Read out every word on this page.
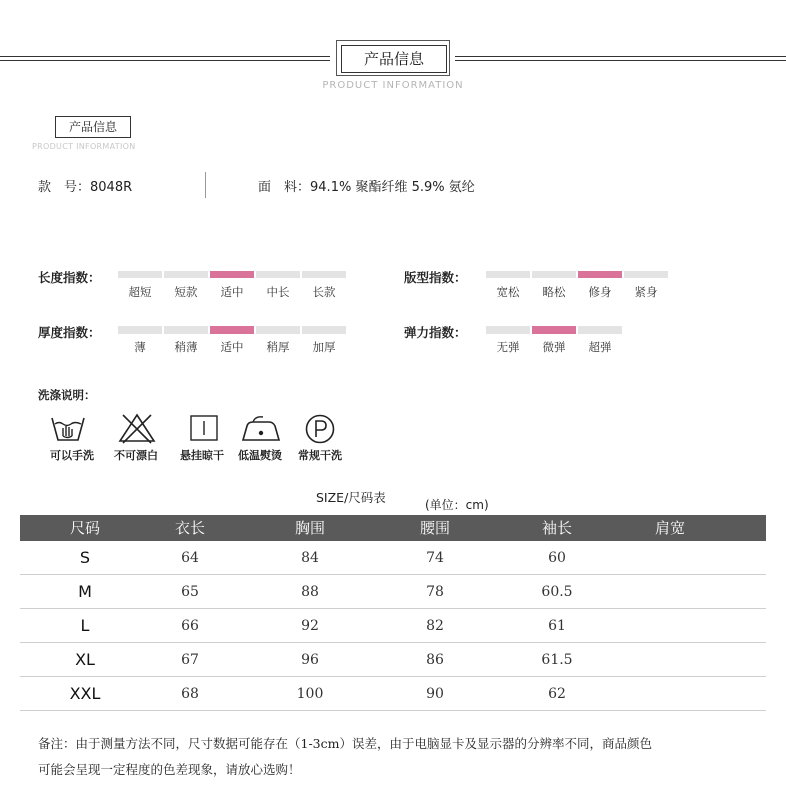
产品信息
PRODUCT INFORMATION
产品信息
PRODUCT INFORMATION
款　号：8048R	面　料：94.1% 聚酯纤维 5.9% 氨纶
长度指数：
超短	短款	适中	中长	长款
版型指数：
宽松	略松	修身	紧身
厚度指数：
薄	稍薄	适中	稍厚	加厚
弹力指数：
无弹	微弹	超弹
洗涤说明：
可以手洗	不可漂白	悬挂晾干	低温熨烫	常规干洗
SIZE/尺码表	(单位：cm)
尺码	衣长	胸围	腰围	袖长	肩宽
S	64	84	74	60
M	65	88	78	60.5
L	66	92	82	61
XL	67	96	86	61.5
XXL	68	100	90	62
备注：由于测量方法不同，尺寸数据可能存在（1-3cm）误差，由于电脑显卡及显示器的分辨率不同，商品颜色
可能会呈现一定程度的色差现象，请放心选购！
